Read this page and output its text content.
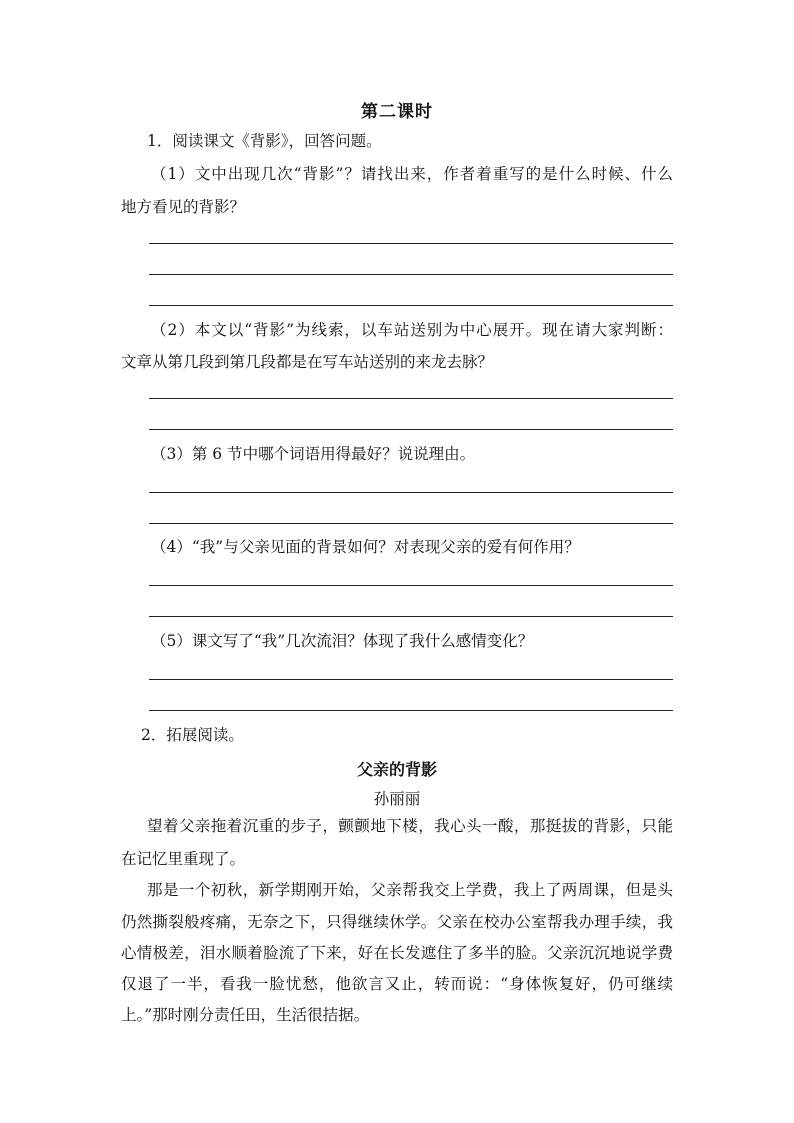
第二课时
1．阅读课文《背影》，回答问题。
（1）文中出现几次“背影”？请找出来，作者着重写的是什么时候、什么
地方看见的背影？
（2）本文以“背影”为线索，以车站送别为中心展开。现在请大家判断：
文章从第几段到第几段都是在写车站送别的来龙去脉？
（3）第 6 节中哪个词语用得最好？说说理由。
（4）“我”与父亲见面的背景如何？对表现父亲的爱有何作用？
（5）课文写了“我”几次流泪？体现了我什么感情变化？
2．拓展阅读。
父亲的背影
孙丽丽
望着父亲拖着沉重的步子，颤颤地下楼，我心头一酸，那挺拔的背影，只能
在记忆里重现了。
那是一个初秋，新学期刚开始，父亲帮我交上学费，我上了两周课，但是头
仍然撕裂般疼痛，无奈之下，只得继续休学。父亲在校办公室帮我办理手续，我
心情极差，泪水顺着脸流了下来，好在长发遮住了多半的脸。父亲沉沉地说学费
仅退了一半，看我一脸忧愁，他欲言又止，转而说：“身体恢复好，仍可继续
上。”那时刚分责任田，生活很拮据。
